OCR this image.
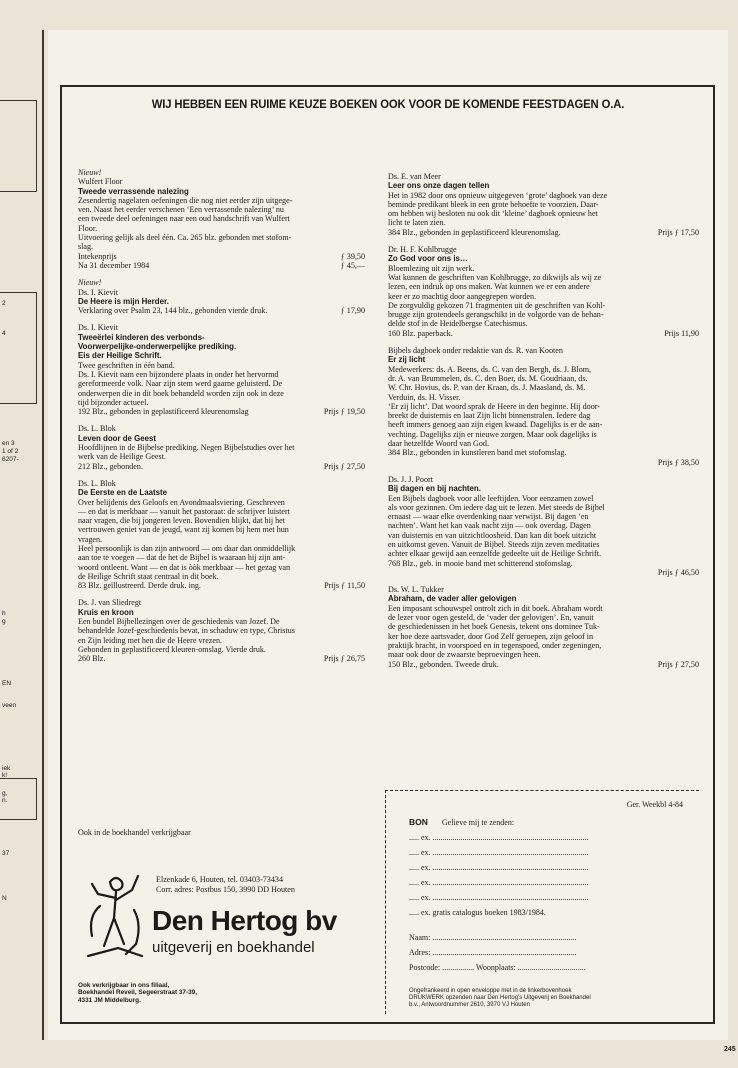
2
4
en 3
1 of 2
6207-
h
g
EN
veen
iek
k!
g,
n.
37
N
WIJ HEBBEN EEN RUIME KEUZE BOEKEN OOK VOOR DE KOMENDE FEESTDAGEN O.A.
Nieuw!
Wulfert Floor
Tweede verrassende nalezing
Zesendertig nagelaten oefeningen die nog niet eerder zijn uitgege-
ven. Naast het eerder verschenen ‘Een verrassende nalezing’ nu
een tweede deel oefeningen naar een oud handschrift van Wulfert
Floor.
Uitvoering gelijk als deel één. Ca. 265 blz. gebonden met stofom-
slag.
Intekenprijs	ƒ 39,50
Na 31 december 1984	ƒ 45,—
Nieuw!
Ds. I. Kievit
De Heere is mijn Herder.
Verklaring over Psalm 23, 144 blz., gebonden vierde druk.	ƒ 17,90
Ds. I. Kievit
Tweeërlei kinderen des verbonds-
Voorwerpelijke-onderwerpelijke prediking.
Eis der Heilige Schrift.
Twee geschriften in één band.
Ds. I. Kievit nam een bijzondere plaats in onder het hervormd
gereformeerde volk. Naar zijn stem werd gaarne geluisterd. De
onderwerpen die in dit boek behandeld worden zijn ook in deze
tijd bijzonder actueel.
192 Blz., gebonden in geplastificeerd kleurenomslag	Prijs ƒ 19,50
Ds. L. Blok
Leven door de Geest
Hoofdlijnen in de Bijbelse prediking. Negen Bijbelstudies over het
werk van de Heilige Geest.
212 Blz., gebonden.	Prijs ƒ 27,50
Ds. L. Blok
De Eerste en de Laatste
Over belijdenis des Geloofs en Avondmaalsviering. Geschreven
— en dat is merkbaar — vanuit het pastoraat: de schrijver luistert
naar vragen, die bij jongeren leven. Bovendien blijkt, dat hij het
vertrouwen geniet van de jeugd, want zij komen bij hem met hun
vragen.
Heel persoonlijk is dan zijn antwoord — om daar dan onmiddellijk
aan toe te voegen — dat de het de Bijbel is waaraan hij zijn ant-
woord ontleent. Want — en dat is òòk merkbaar — het gezag van
de Heilige Schrift staat centraal in dit boek.
83 Blz. geïllustreerd. Derde druk. ing.	Prijs ƒ 11,50
Ds. J. van Sliedregt
Kruis en kroon
Een bundel Bijbellezingen over de geschiedenis van Jozef. De
behandelde Jozef-geschiedenis bevat, in schaduw en type, Christus
en Zijn leiding met hen die de Heere vrezen.
Gebonden in geplastificeerd kleuren-omslag. Vierde druk.
260 Blz.	Prijs ƒ 26,75
Ds. E. van Meer
Leer ons onze dagen tellen
Het in 1982 door ons opnieuw uitgegeven ‘grote’ dagboek van deze
beminde predikant bleek in een grote behoefte te voorzien. Daar-
om hebben wij besloten nu ook dit ‘kleine’ dagboek opnieuw het
licht te laten zien.
384 Blz., gebonden in geplastificeerd kleurenomslag.	Prijs ƒ 17,50
Dr. H. F. Kohlbrugge
Zo God voor ons is…
Bloemlezing uit zijn werk.
Wat kunnen de geschriften van Kohlbrugge, zo dikwijls als wij ze
lezen, een indruk op ons maken. Wat kunnen we er een andere
keer er zo machtig door aangegrepen worden.
De zorgvuldig gekozen 71 fragmenten uit de geschriften van Kohl-
brugge zijn grotendeels gerangschikt in de volgorde van de behan-
delde stof in de Heidelbergse Catechismus.
160 Blz. paperback.	Prijs 11,90
Bijbels dagboek onder redaktie van ds. R. van Kooten
Er zij licht
Medewerkers: ds. A. Beens, ds. C. van den Bergh, ds. J. Blom,
dr. A. van Brummelen, ds. C. den Boer, ds. M. Goudriaan, ds.
W. Chr. Hovius, ds. P. van der Kraan, ds. J. Maasland, ds. M.
Verduin, ds. H. Visser.
‘Er zij licht’. Dat woord sprak de Heere in den beginne. Hij door-
breekt de duisternis en laat Zijn licht binnenstralen. Iedere dag
heeft immers genoeg aan zijn eigen kwaad. Dagelijks is er de aan-
vechting. Dagelijks zijn er nieuwe zorgen. Maar ook dagelijks is
daar hetzelfde Woord van God.
384 Blz., gebonden in kunstleren band met stofomslag.
Prijs ƒ 38,50
Ds. J. J. Poort
Bij dagen en bij nachten.
Een Bijbels dagboek voor alle leeftijden. Voor eenzamen zowel
als voor gezinnen. Om iedere dag uit te lezen. Met steeds de Bijbel
ernaast — waar elke overdenking naar verwijst. Bij dagen ‘en
nachten’. Want het kan vaak nacht zijn — ook overdag. Dagen
van duisternis en van uitzichtloosheid. Dan kan dit boek uitzicht
en uitkomst geven. Vanuit de Bijbel. Steeds zijn zeven meditaties
achter elkaar gewijd aan eenzelfde gedeelte uit de Heilige Schrift.
768 Blz., geb. in mooie band met schitterend stofomslag.
Prijs ƒ 46,50
Ds. W. L. Tukker
Abraham, de vader aller gelovigen
Een imposant schouwspel ontrolt zich in dit boek. Abraham wordt
de lezer voor ogen gesteld, de ‘vader der gelovigen’. En, vanuit
de geschiedenissen in het boek Genesis, tekent ons dominee Tuk-
ker hoe deze aartsvader, door God Zelf geroepen, zijn geloof in
praktijk bracht, in voorspoed en in tegenspoed, onder zegeningen,
maar ook door de zwaarste beproevingen heen.
150 Blz., gebonden. Tweede druk.	Prijs ƒ 27,50
Ook in de boekhandel verkrijgbaar
Elzenkade 6, Houten, tel. 03403-73434
Corr. adres: Postbus 150, 3990 DD Houten
Den Hertog bv
uitgeverij en boekhandel
Ook verkrijgbaar in ons filiaal,
Boekhandel Reveil, Segeerstraat 37-39,
4331 JM Middelburg.
Ger. Weekbl 4-84
BON Gelieve mij te zenden:
..... ex. ..............................................................................
..... ex. ..............................................................................
..... ex. ..............................................................................
..... ex. ..............................................................................
..... ex. ..............................................................................
..... ex. gratis catalogus boeken 1983/1984.
Naam: ........................................................................
Adres: ........................................................................
Postcode: ................ Woonplaats: ..................................
Ongefrankeerd in open enveloppe met in de linkerbovenhoek
DRUKWERK opzenden naar Den Hertog’s Uitgeverij en Boekhandel
b.v., Antwoordnummer 2610, 3970 VJ Houten
245
